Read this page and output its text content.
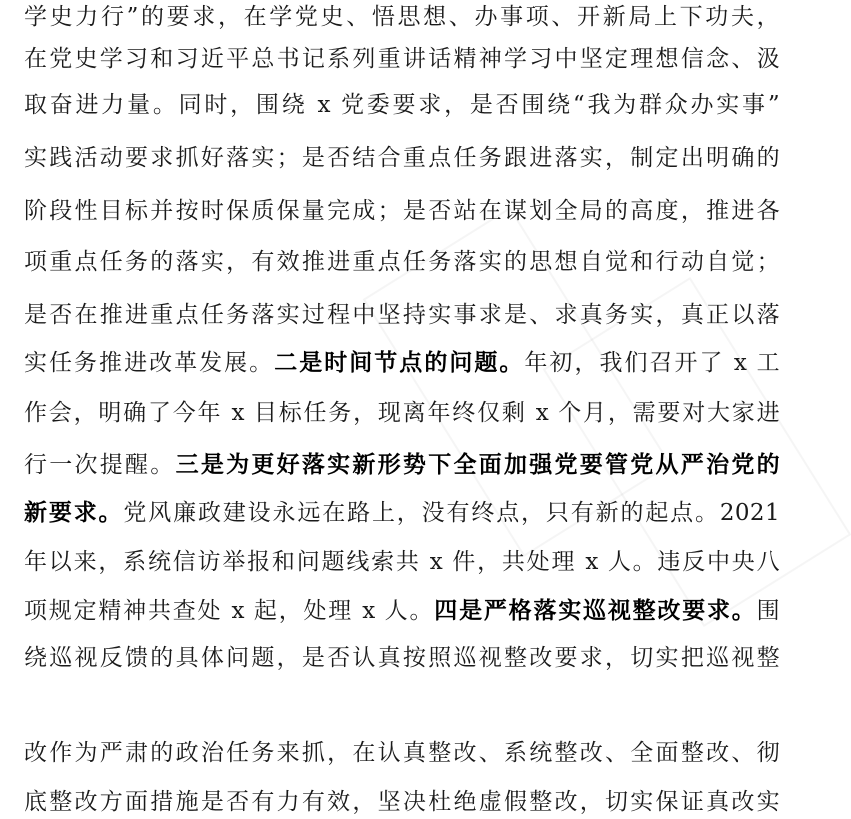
学史力行”的要求，在学党史、悟思想、办事项、开新局上下功夫，
在党史学习和习近平总书记系列重讲话精神学习中坚定理想信念、汲
取奋进力量。同时，围绕 x 党委要求，是否围绕“我为群众办实事”
实践活动要求抓好落实；是否结合重点任务跟进落实，制定出明确的
阶段性目标并按时保质保量完成；是否站在谋划全局的高度，推进各
项重点任务的落实，有效推进重点任务落实的思想自觉和行动自觉；
是否在推进重点任务落实过程中坚持实事求是、求真务实，真正以落
实任务推进改革发展。二是时间节点的问题。年初，我们召开了 x 工
作会，明确了今年 x 目标任务，现离年终仅剩 x 个月，需要对大家进
行一次提醒。三是为更好落实新形势下全面加强党要管党从严治党的
新要求。党风廉政建设永远在路上，没有终点，只有新的起点。2021
年以来，系统信访举报和问题线索共 x 件，共处理 x 人。违反中央八
项规定精神共查处 x 起，处理 x 人。四是严格落实巡视整改要求。围
绕巡视反馈的具体问题，是否认真按照巡视整改要求，切实把巡视整
改作为严肃的政治任务来抓，在认真整改、系统整改、全面整改、彻
底整改方面措施是否有力有效，坚决杜绝虚假整改，切实保证真改实
